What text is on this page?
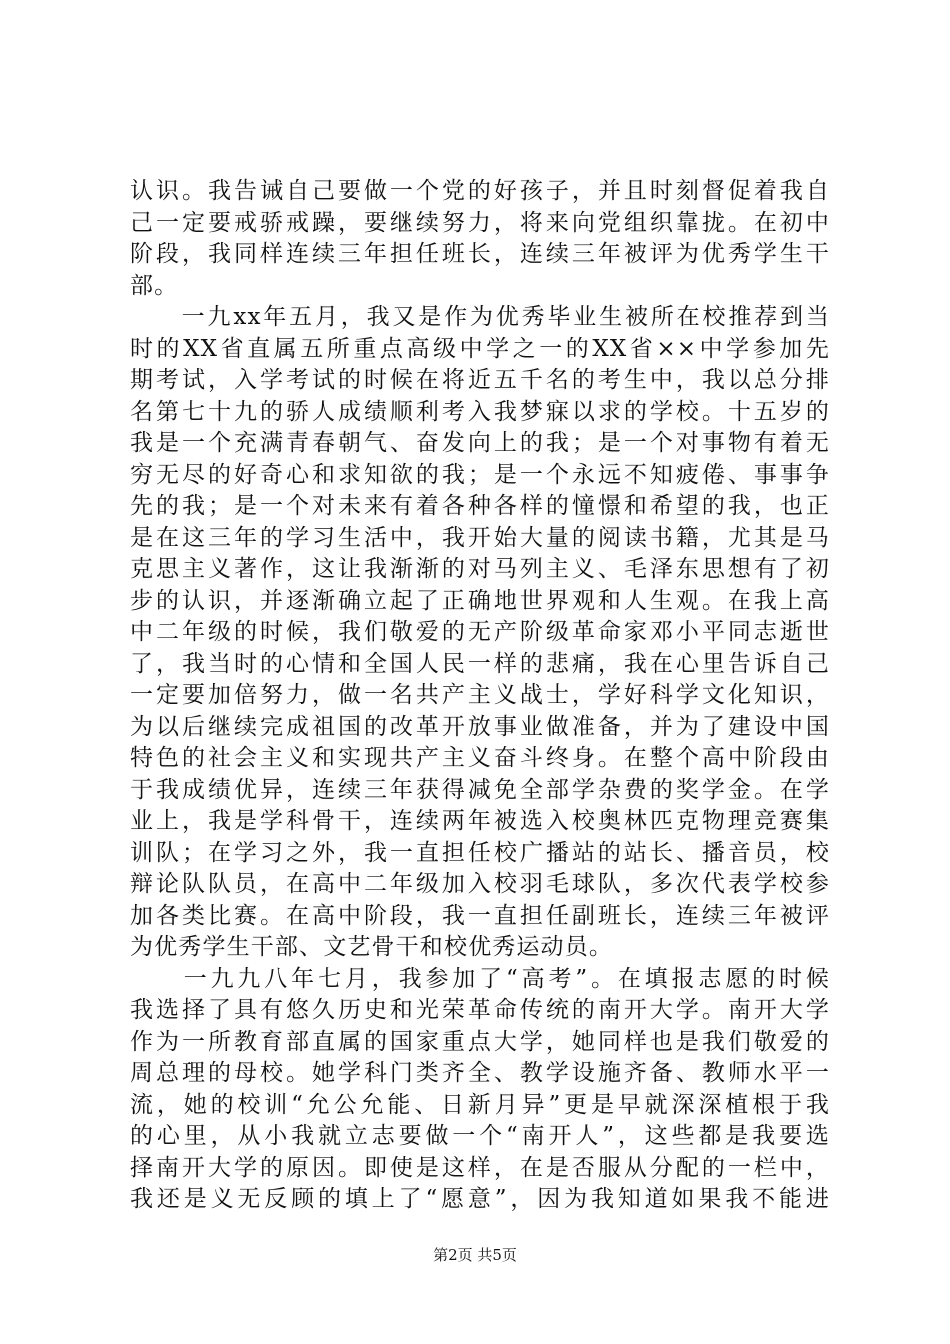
认识。我告诫自己要做一个党的好孩子，并且时刻督促着我自
己一定要戒骄戒躁，要继续努力，将来向党组织靠拢。在初中
阶段，我同样连续三年担任班长，连续三年被评为优秀学生干
部。
　　一九xx年五月，我又是作为优秀毕业生被所在校推荐到当
时的XX省直属五所重点高级中学之一的XX省××中学参加先
期考试，入学考试的时候在将近五千名的考生中，我以总分排
名第七十九的骄人成绩顺利考入我梦寐以求的学校。十五岁的
我是一个充满青春朝气、奋发向上的我；是一个对事物有着无
穷无尽的好奇心和求知欲的我；是一个永远不知疲倦、事事争
先的我；是一个对未来有着各种各样的憧憬和希望的我，也正
是在这三年的学习生活中，我开始大量的阅读书籍，尤其是马
克思主义著作，这让我渐渐的对马列主义、毛泽东思想有了初
步的认识，并逐渐确立起了正确地世界观和人生观。在我上高
中二年级的时候，我们敬爱的无产阶级革命家邓小平同志逝世
了，我当时的心情和全国人民一样的悲痛，我在心里告诉自己
一定要加倍努力，做一名共产主义战士，学好科学文化知识，
为以后继续完成祖国的改革开放事业做准备，并为了建设中国
特色的社会主义和实现共产主义奋斗终身。在整个高中阶段由
于我成绩优异，连续三年获得减免全部学杂费的奖学金。在学
业上，我是学科骨干，连续两年被选入校奥林匹克物理竞赛集
训队；在学习之外，我一直担任校广播站的站长、播音员，校
辩论队队员，在高中二年级加入校羽毛球队，多次代表学校参
加各类比赛。在高中阶段，我一直担任副班长，连续三年被评
为优秀学生干部、文艺骨干和校优秀运动员。
　　一九九八年七月，我参加了“高考”。在填报志愿的时候
我选择了具有悠久历史和光荣革命传统的南开大学。南开大学
作为一所教育部直属的国家重点大学，她同样也是我们敬爱的
周总理的母校。她学科门类齐全、教学设施齐备、教师水平一
流，她的校训“允公允能、日新月异”更是早就深深植根于我
的心里，从小我就立志要做一个“南开人”，这些都是我要选
择南开大学的原因。即使是这样，在是否服从分配的一栏中，
我还是义无反顾的填上了“愿意”，因为我知道如果我不能进
第2页 共5页
